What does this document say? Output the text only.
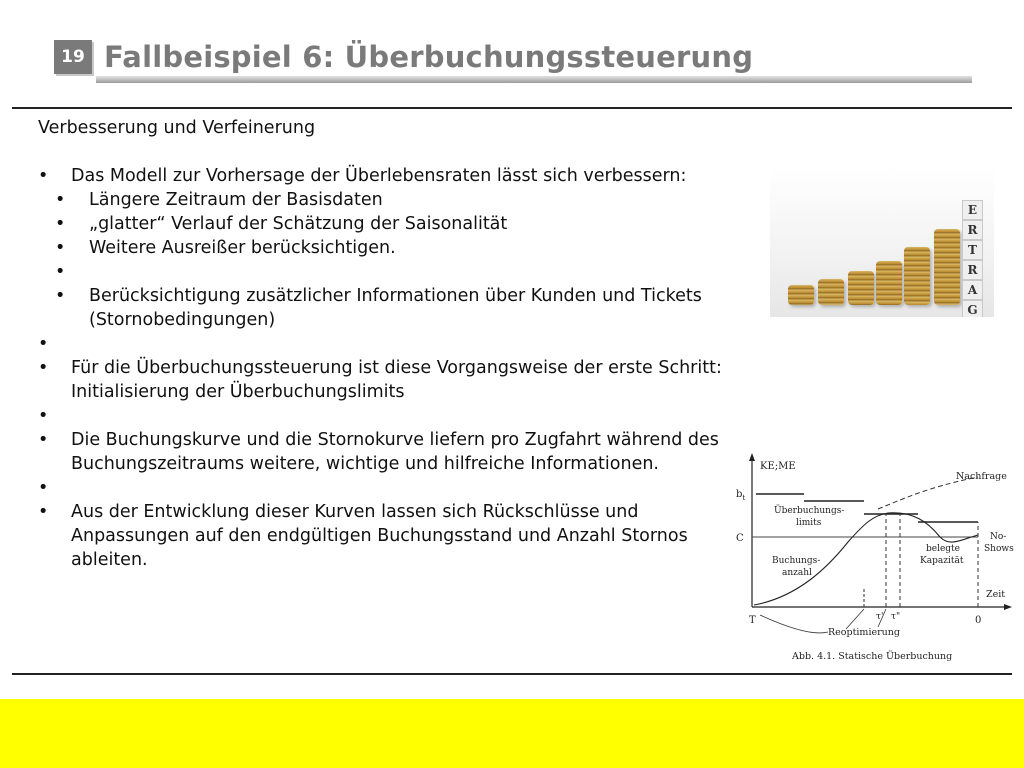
19 Fallbeispiel 6: Überbuchungssteuerung

Verbesserung und Verfeinerung

• Das Modell zur Vorhersage der Überlebensraten lässt sich verbessern:
• Längere Zeitraum der Basisdaten
• „glatter“ Verlauf der Schätzung der Saisonalität
• Weitere Ausreißer berücksichtigen.
•
• Berücksichtigung zusätzlicher Informationen über Kunden und Tickets (Stornobedingungen)
•
• Für die Überbuchungssteuerung ist diese Vorgangsweise der erste Schritt: Initialisierung der Überbuchungslimits
•
• Die Buchungskurve und die Stornokurve liefern pro Zugfahrt während des Buchungszeitraums weitere, wichtige und hilfreiche Informationen.
•
• Aus der Entwicklung dieser Kurven lassen sich Rückschlüsse und Anpassungen auf den endgültigen Buchungsstand und Anzahl Stornos ableiten.
E
R
T
R
A
G
KE;ME
$b_t$
C
Nachfrage
Überbuchungs-
limits
Buchungs-
anzahl
belegte
Kapazität
No-
Shows
Zeit
T	0
τ' τ"
Reoptimierung
Abb. 4.1. Statische Überbuchung
